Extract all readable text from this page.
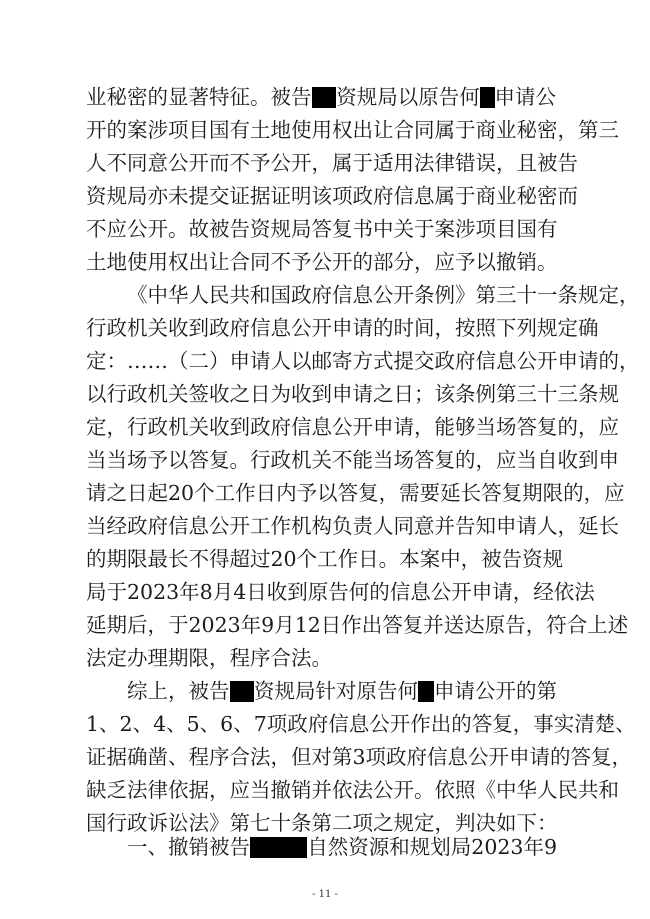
业秘密的显著特征。被告 资规局以原告何 申请公
开的案涉项目国有土地使用权出让合同属于商业秘密，第三
人不同意公开而不予公开，属于适用法律错误，且被告
资规局亦未提交证据证明该项政府信息属于商业秘密而
不应公开。故被告 资规局答复书中关于案涉项目国有
土地使用权出让合同不予公开的部分，应予以撤销。
《中华人民共和国政府信息公开条例》第三十一条规定，
行政机关收到政府信息公开申请的时间，按照下列规定确
定：……（二）申请人以邮寄方式提交政府信息公开申请的，
以行政机关签收之日为收到申请之日；该条例第三十三条规
定，行政机关收到政府信息公开申请，能够当场答复的，应
当当场予以答复。行政机关不能当场答复的，应当自收到申
请之日起20个工作日内予以答复，需要延长答复期限的，应
当经政府信息公开工作机构负责人同意并告知申请人，延长
的期限最长不得超过20个工作日。本案中，被告 资规
局于2023年8月4日收到原告何 的信息公开申请，经依法
延期后，于2023年9月12日作出答复并送达原告，符合上述
法定办理期限，程序合法。
综上，被告 资规局针对原告何 申请公开的第
1、2、4、5、6、7项政府信息公开作出的答复，事实清楚、
证据确凿、程序合法，但对第3项政府信息公开申请的答复，
缺乏法律依据，应当撤销并依法公开。依照《中华人民共和
国行政诉讼法》第七十条第二项之规定，判决如下：
一、撤销被告	自然资源和规划局2023年9
- 11 -
